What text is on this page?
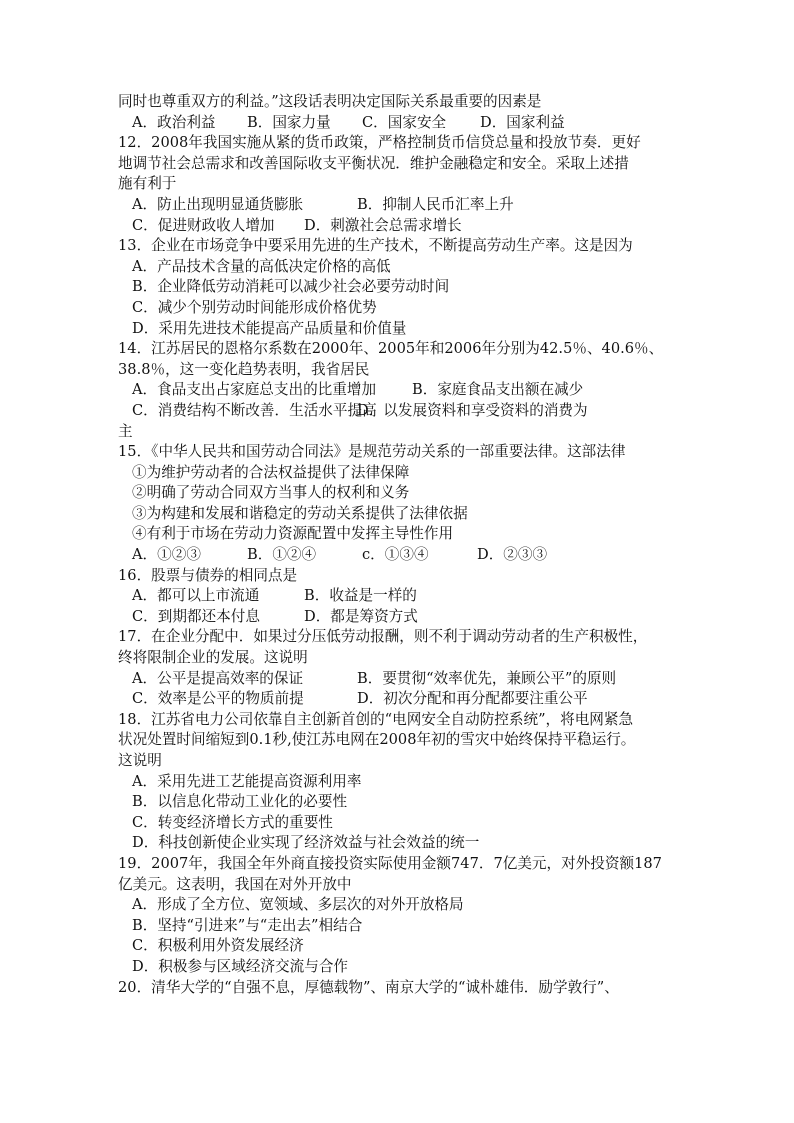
同时也尊重双方的利益。”这段话表明决定国际关系最重要的因素是
A．政治利益 B．国家力量 C．国家安全 D．国家利益
12．2008年我国实施从紧的货币政策，严格控制货币信贷总量和投放节奏．更好
地调节社会总需求和改善国际收支平衡状况．维护金融稳定和安全。采取上述措
施有利于
A．防止出现明显通货膨胀	B．抑制人民币汇率上升
C．促进财政收人增加 D．刺激社会总需求增长
13．企业在市场竞争中要采用先进的生产技术，不断提高劳动生产率。这是因为
A．产品技术含量的高低决定价格的高低
B．企业降低劳动消耗可以减少社会必要劳动时间
C．减少个别劳动时间能形成价格优势
D．采用先进技术能提高产品质量和价值量
14．江苏居民的恩格尔系数在2000年、2005年和2006年分别为42.5％、40.6％、
38.8％，这一变化趋势表明，我省居民
A．食品支出占家庭总支出的比重增加 B．家庭食品支出额在减少
C．消费结构不断改善．生活水平提高D．以发展资料和享受资料的消费为
主
15．《中华人民共和国劳动合同法》是规范劳动关系的一部重要法律。这部法律
①为维护劳动者的合法权益提供了法律保障
②明确了劳动合同双方当事人的权利和义务
③为构建和发展和谐稳定的劳动关系提供了法律依据
④有利于市场在劳动力资源配置中发挥主导性作用
A．①②③	B．①②④	c．①③④	D．②③③
16．股票与债券的相同点是
A．都可以上市流通	B．收益是一样的
C．到期都还本付息	D．都是筹资方式
17．在企业分配中．如果过分压低劳动报酬，则不利于调动劳动者的生产积极性，
终将限制企业的发展。这说明
A．公平是提高效率的保证	B．要贯彻“效率优先，兼顾公平”的原则
C．效率是公平的物质前提	D．初次分配和再分配都要注重公平
18．江苏省电力公司依靠自主创新首创的“电网安全自动防控系统”，将电网紧急
状况处置时间缩短到0.1秒,使江苏电网在2008年初的雪灾中始终保持平稳运行。
这说明
A．采用先进工艺能提高资源利用率
B．以信息化带动工业化的必要性
C．转变经济增长方式的重要性
D．科技创新使企业实现了经济效益与社会效益的统一
19．2007年，我国全年外商直接投资实际使用金额747．7亿美元，对外投资额187
亿美元。这表明，我国在对外开放中
A．形成了全方位、宽领域、多层次的对外开放格局
B．坚持“引进来”与“走出去”相结合
C．积极利用外资发展经济
D．积极参与区域经济交流与合作
20．清华大学的“自强不息，厚德载物”、南京大学的“诚朴雄伟．励学敦行”、
